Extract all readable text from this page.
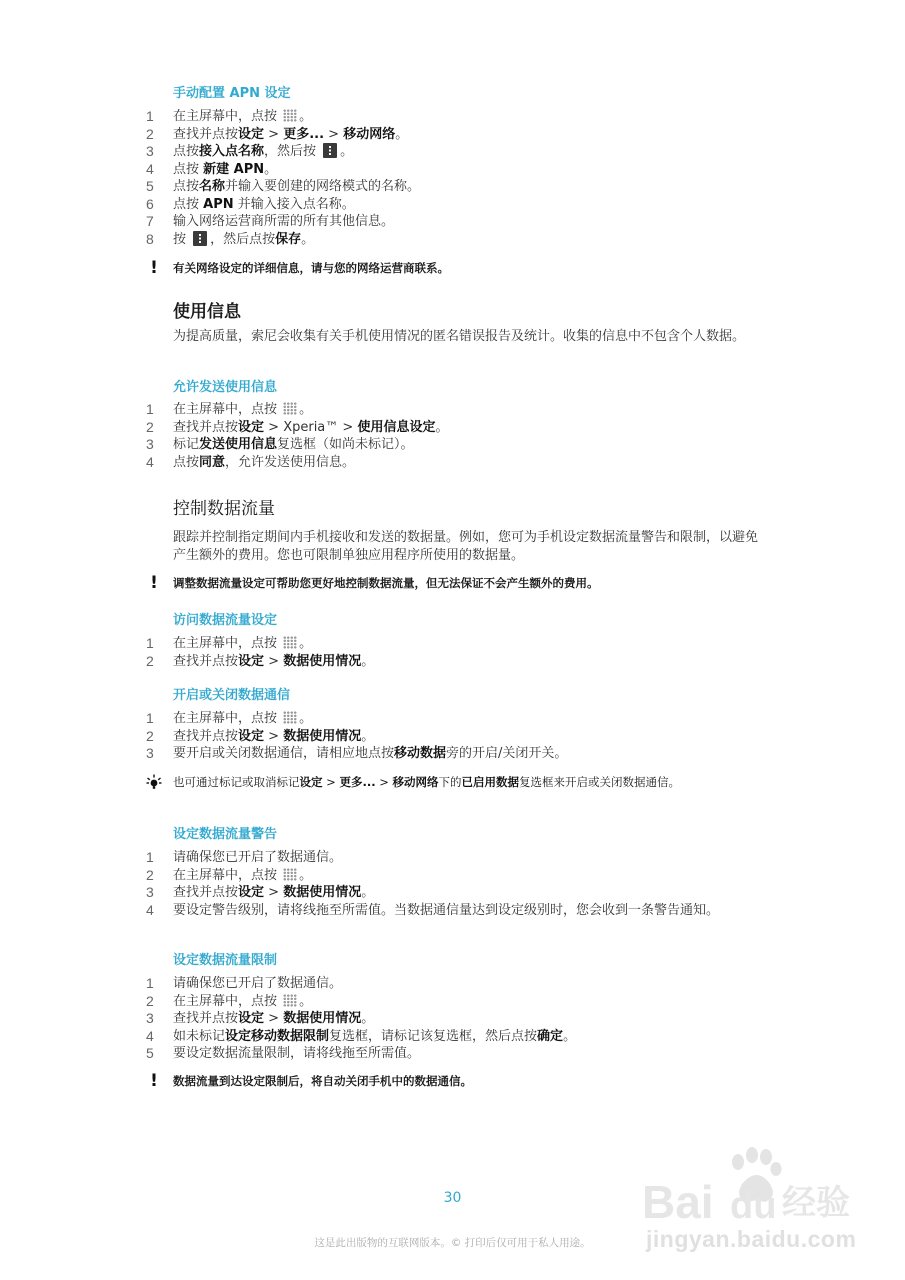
手动配置 APN 设定
1	在主屏幕中，点按 。
2	查找并点按设定 > 更多... > 移动网络。
3	点按接入点名称，然后按 。
4	点按 新建 APN。
5	点按名称并输入要创建的网络模式的名称。
6	点按 APN 并输入接入点名称。
7	输入网络运营商所需的所有其他信息。
8	按 ，然后点按保存。
!	有关网络设定的详细信息，请与您的网络运营商联系。
使用信息

为提高质量，索尼会收集有关手机使用情况的匿名错误报告及统计。收集的信息中不包含个人数据。

允许发送使用信息
1	在主屏幕中，点按 。
2	查找并点按设定 > Xperia™ > 使用信息设定。
3	标记发送使用信息复选框（如尚未标记）。
4	点按同意，允许发送使用信息。
控制数据流量

跟踪并控制指定期间内手机接收和发送的数据量。例如，您可为手机设定数据流量警告和限制，以避免产生额外的费用。您也可限制单独应用程序所使用的数据量。

!	调整数据流量设定可帮助您更好地控制数据流量，但无法保证不会产生额外的费用。
访问数据流量设定
1	在主屏幕中，点按 。
2	查找并点按设定 > 数据使用情况。
开启或关闭数据通信
1	在主屏幕中，点按 。
2	查找并点按设定 > 数据使用情况。
3	要开启或关闭数据通信，请相应地点按移动数据旁的开启/关闭开关。
也可通过标记或取消标记设定 > 更多... > 移动网络下的已启用数据复选框来开启或关闭数据通信。
设定数据流量警告
1	请确保您已开启了数据通信。
2	在主屏幕中，点按 。
3	查找并点按设定 > 数据使用情况。
4	要设定警告级别，请将线拖至所需值。当数据通信量达到设定级别时，您会收到一条警告通知。
设定数据流量限制
1	请确保您已开启了数据通信。
2	在主屏幕中，点按 。
3	查找并点按设定 > 数据使用情况。
4	如未标记设定移动数据限制复选框，请标记该复选框，然后点按确定。
5	要设定数据流量限制，请将线拖至所需值。
!	数据流量到达设定限制后，将自动关闭手机中的数据通信。

30

这是此出版物的互联网版本。© 打印后仅可用于私人用途。

Bai du 经验
jingyan.baidu.com
